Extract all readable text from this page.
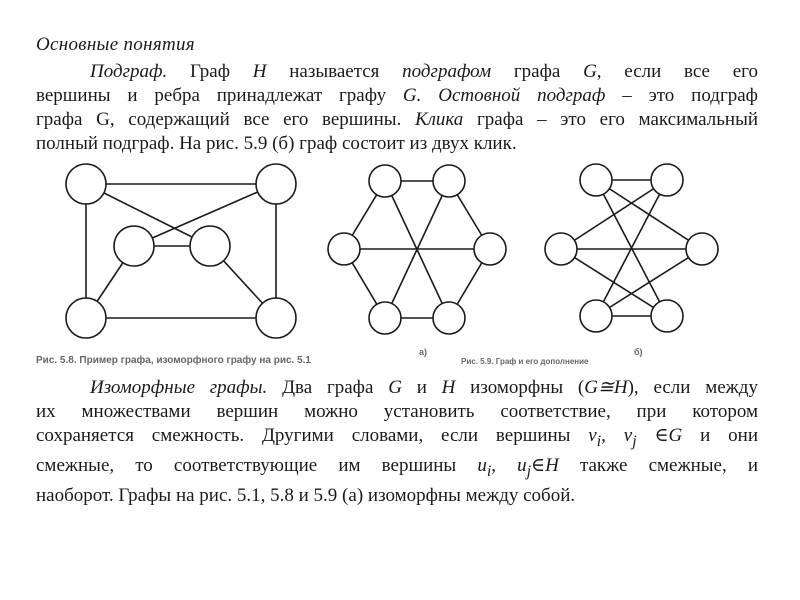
Основные понятия
Подграф. Граф H называется подграфом графа G, если все его
вершины и ребра принадлежат графу G. Остовной подграф – это подграф
графа G, содержащий все его вершины. Клика графа – это его максимальный
полный подграф. На рис. 5.9 (б) граф состоит из двух клик.
Рис. 5.8. Пример графа, изоморфного графу на рис. 5.1
а)
Рис. 5.9. Граф и его дополнение
б)
Изоморфные графы. Два графа G и H изоморфны (G≅H), если между
их множествами вершин можно установить соответствие, при котором
сохраняется смежность. Другими словами, если вершины $v_i$, $v_j$ ∈G и они
смежные, то соответствующие им вершины $u_i$, $u_j\in H$ также смежные, и
наоборот. Графы на рис. 5.1, 5.8 и 5.9 (а) изоморфны между собой.
